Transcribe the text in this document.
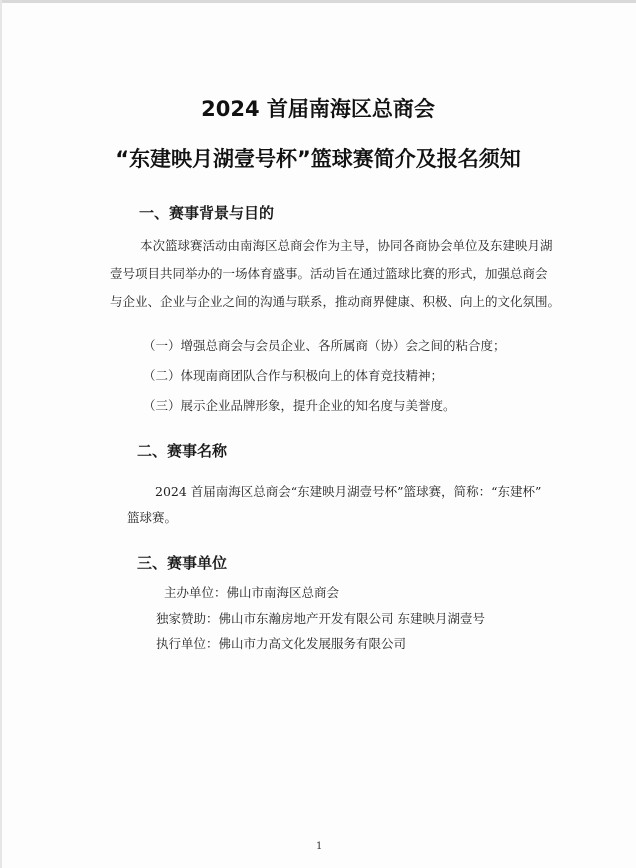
2024 首届南海区总商会
“东建映月湖壹号杯”篮球赛简介及报名须知
一、赛事背景与目的
本次篮球赛活动由南海区总商会作为主导，协同各商协会单位及东建映月湖
壹号项目共同举办的一场体育盛事。活动旨在通过篮球比赛的形式，加强总商会
与企业、企业与企业之间的沟通与联系，推动商界健康、积极、向上的文化氛围。
（一）增强总商会与会员企业、各所属商（协）会之间的粘合度；
（二）体现南商团队合作与积极向上的体育竞技精神；
（三）展示企业品牌形象，提升企业的知名度与美誉度。
二、赛事名称
2024 首届南海区总商会“东建映月湖壹号杯”篮球赛，简称：“东建杯”
篮球赛。
三、赛事单位
主办单位：佛山市南海区总商会
独家赞助：佛山市东瀚房地产开发有限公司 东建映月湖壹号
执行单位：佛山市力高文化发展服务有限公司
1
